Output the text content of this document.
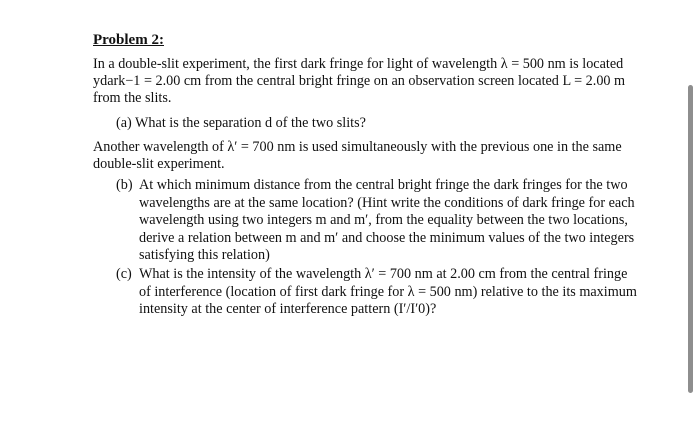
Problem 2:
In a double-slit experiment, the first dark fringe for light of wavelength λ = 500 nm is located
ydark−1 = 2.00 cm from the central bright fringe on an observation screen located L = 2.00 m
from the slits.
(a) What is the separation d of the two slits?
Another wavelength of λ′ = 700 nm is used simultaneously with the previous one in the same
double-slit experiment.
(b) At which minimum distance from the central bright fringe the dark fringes for the two
wavelengths are at the same location? (Hint write the conditions of dark fringe for each
wavelength using two integers m and m′, from the equality between the two locations,
derive a relation between m and m′ and choose the minimum values of the two integers
satisfying this relation)
(c) What is the intensity of the wavelength λ′ = 700 nm at 2.00 cm from the central fringe
of interference (location of first dark fringe for λ = 500 nm) relative to the its maximum
intensity at the center of interference pattern (I′/I′0)?
